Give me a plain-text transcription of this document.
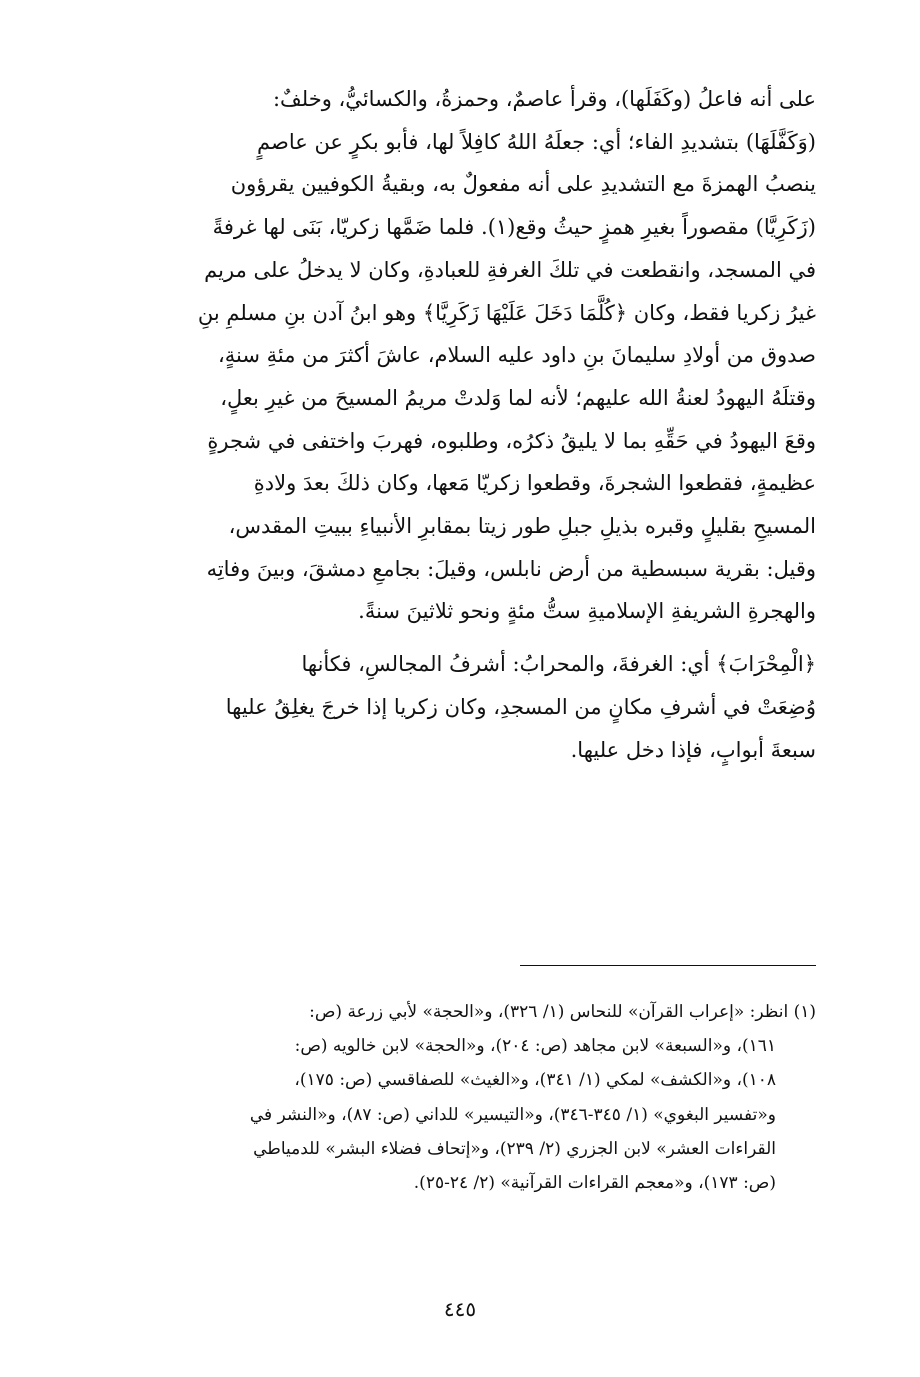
على أنه فاعلُ (وكَفَلَها)، وقرأ عاصمٌ، وحمزةُ، والكسائيُّ، وخلفٌ:
(وَكَفَّلَهَا) بتشديدِ الفاء؛ أي: جعلَهُ اللهُ كافِلاً لها، فأبو بكرٍ عن عاصمٍ
ينصبُ الهمزةَ مع التشديدِ على أنه مفعولٌ به، وبقيةُ الكوفيين يقرؤون
(زَكَرِيَّا) مقصوراً بغيرِ همزٍ حيثُ وقع(١). فلما ضَمَّها زكريّا، بَنَى لها غرفةً
في المسجد، وانقطعت في تلكَ الغرفةِ للعبادةِ، وكان لا يدخلُ على مريم
غيرُ زكريا فقط، وكان ﴿كُلَّمَا دَخَلَ عَلَيْهَا زَكَرِيَّا﴾ وهو ابنُ آدن بنِ مسلمِ بنِ
صدوق من أولادِ سليمانَ بنِ داود عليه السلام، عاشَ أكثرَ من مئةِ سنةٍ،
وقتلَهُ اليهودُ لعنةُ الله عليهم؛ لأنه لما وَلدتْ مريمُ المسيحَ من غيرِ بعلٍ،
وقعَ اليهودُ في حَقِّهِ بما لا يليقُ ذكرُه، وطلبوه، فهربَ واختفى في شجرةٍ
عظيمةٍ، فقطعوا الشجرةَ، وقطعوا زكريّا مَعها، وكان ذلكَ بعدَ ولادةِ
المسيحِ بقليلٍ وقبره بذيلِ جبلِ طور زيتا بمقابرِ الأنبياءِ ببيتِ المقدس،
وقيل: بقرية سبسطية من أرض نابلس، وقيلَ: بجامعِ دمشقَ، وبينَ وفاتِه
والهجرةِ الشريفةِ الإسلاميةِ ستُّ مئةٍ ونحو ثلاثينَ سنةً.

﴿الْمِحْرَابَ﴾ أي: الغرفةَ، والمحرابُ: أشرفُ المجالسِ، فكأنها
وُضِعَتْ في أشرفِ مكانٍ من المسجدِ، وكان زكريا إذا خرجَ يغلِقُ عليها
سبعةَ أبوابٍ، فإذا دخل عليها.

(١) انظر: «إعراب القرآن» للنحاس (١/ ٣٢٦)، و«الحجة» لأبي زرعة (ص:
١٦١)، و«السبعة» لابن مجاهد (ص: ٢٠٤)، و«الحجة» لابن خالويه (ص:
١٠٨)، و«الكشف» لمكي (١/ ٣٤١)، و«الغيث» للصفاقسي (ص: ١٧٥)،
و«تفسير البغوي» (١/ ٣٤٥-٣٤٦)، و«التيسير» للداني (ص: ٨٧)، و«النشر في
القراءات العشر» لابن الجزري (٢/ ٢٣٩)، و«إتحاف فضلاء البشر» للدمياطي
(ص: ١٧٣)، و«معجم القراءات القرآنية» (٢/ ٢٤-٢٥).
٤٤٥
